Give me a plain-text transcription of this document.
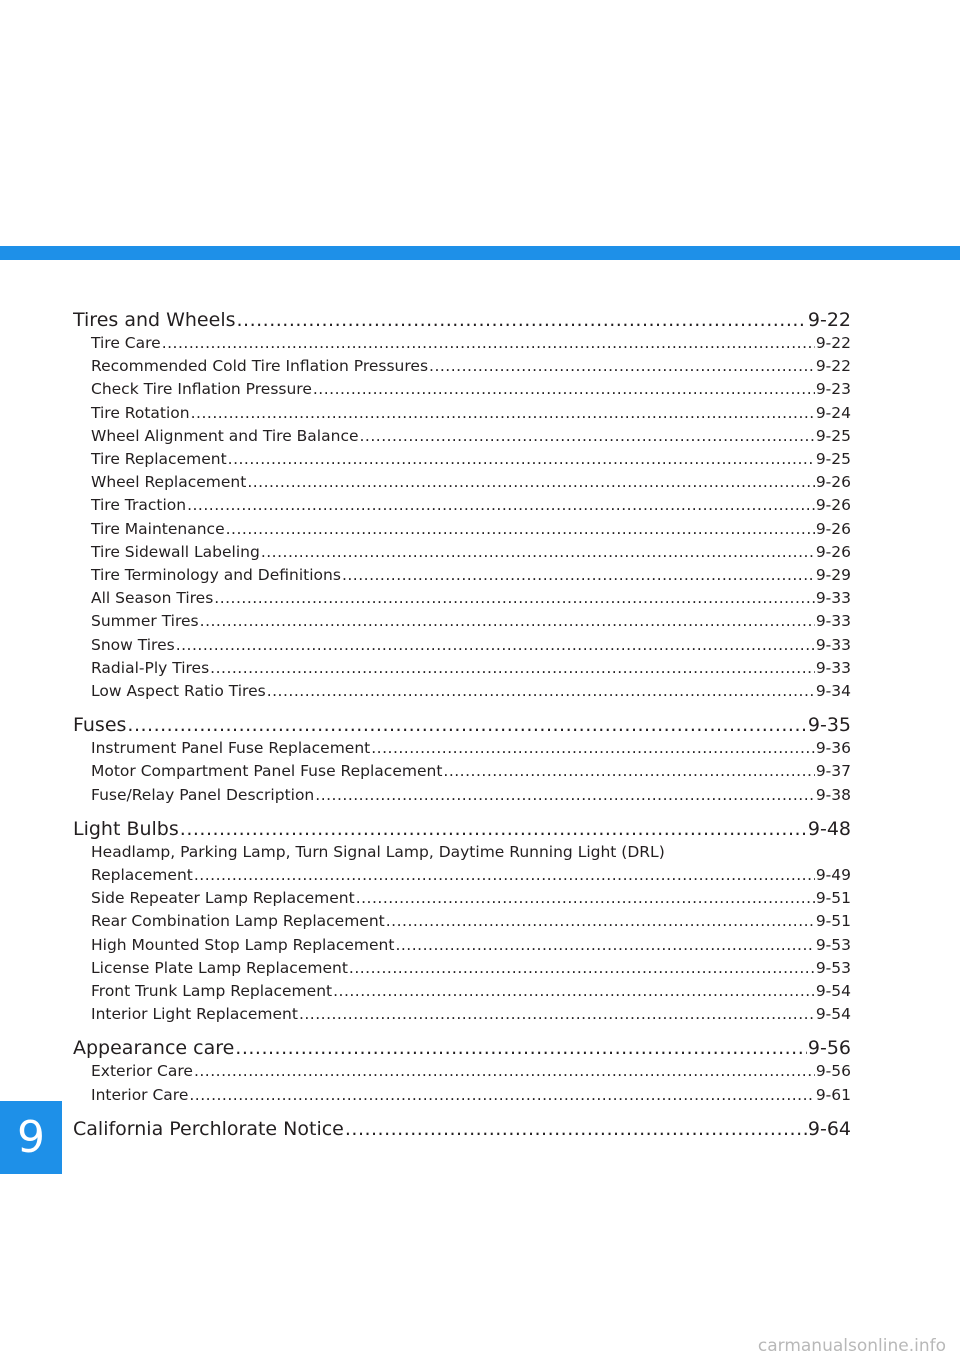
Tires and Wheels .....	9-22
Tire Care .....	9-22
Recommended Cold Tire Inflation Pressures .....	9-22
Check Tire Inflation Pressure .....	9-23
Tire Rotation .....	9-24
Wheel Alignment and Tire Balance .....	9-25
Tire Replacement .....	9-25
Wheel Replacement .....	9-26
Tire Traction .....	9-26
Tire Maintenance .....	9-26
Tire Sidewall Labeling .....	9-26
Tire Terminology and Definitions .....	9-29
All Season Tires .....	9-33
Summer Tires .....	9-33
Snow Tires .....	9-33
Radial-Ply Tires .....	9-33
Low Aspect Ratio Tires .....	9-34
Fuses .....	9-35
Instrument Panel Fuse Replacement .....	9-36
Motor Compartment Panel Fuse Replacement .....	9-37
Fuse/Relay Panel Description .....	9-38
Light Bulbs .....	9-48
Headlamp, Parking Lamp, Turn Signal Lamp, Daytime Running Light (DRL)
Replacement .....	9-49
Side Repeater Lamp Replacement .....	9-51
Rear Combination Lamp Replacement .....	9-51
High Mounted Stop Lamp Replacement .....	9-53
License Plate Lamp Replacement .....	9-53
Front Trunk Lamp Replacement .....	9-54
Interior Light Replacement .....	9-54
Appearance care .....	9-56
Exterior Care .....	9-56
Interior Care .....	9-61
California Perchlorate Notice .....	9-64
9
carmanualsonline.info
